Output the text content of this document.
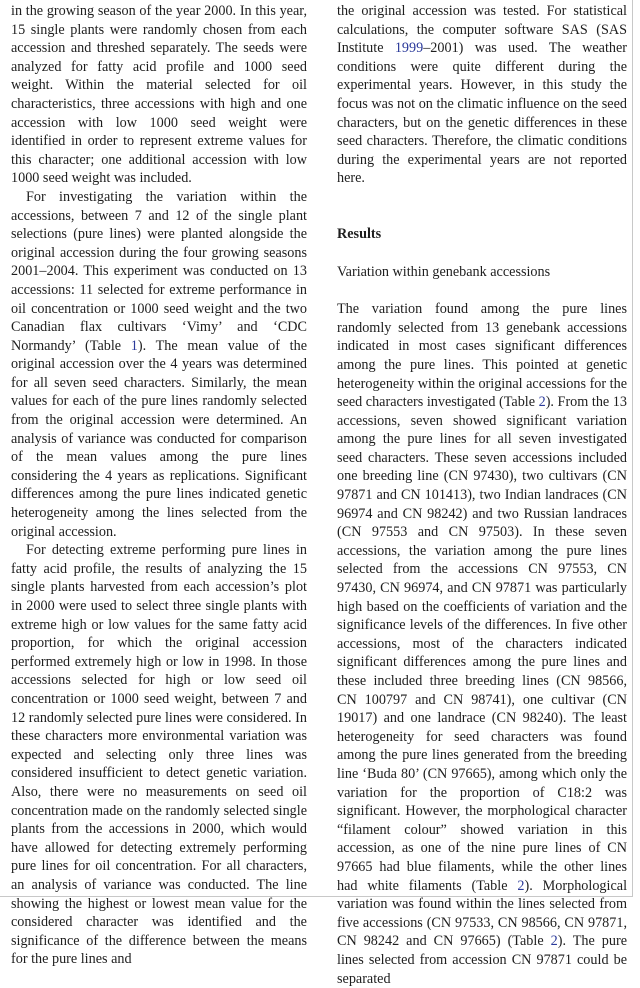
in the growing season of the year 2000. In this year, 15 single plants were randomly chosen from each accession and threshed separately. The seeds were analyzed for fatty acid profile and 1000 seed weight. Within the material selected for oil characteristics, three accessions with high and one accession with low 1000 seed weight were identified in order to represent extreme values for this character; one additional accession with low 1000 seed weight was included.

For investigating the variation within the accessions, between 7 and 12 of the single plant selections (pure lines) were planted alongside the original accession during the four growing seasons 2001–2004. This experiment was conducted on 13 accessions: 11 selected for extreme performance in oil concentration or 1000 seed weight and the two Canadian flax cultivars ‘Vimy’ and ‘CDC Normandy’ (Table 1). The mean value of the original accession over the 4 years was determined for all seven seed characters. Similarly, the mean values for each of the pure lines randomly selected from the original accession were determined. An analysis of variance was conducted for comparison of the mean values among the pure lines considering the 4 years as replications. Significant differences among the pure lines indicated genetic heterogeneity among the lines selected from the original accession.

For detecting extreme performing pure lines in fatty acid profile, the results of analyzing the 15 single plants harvested from each accession’s plot in 2000 were used to select three single plants with extreme high or low values for the same fatty acid proportion, for which the original accession performed extremely high or low in 1998. In those accessions selected for high or low seed oil concentration or 1000 seed weight, between 7 and 12 randomly selected pure lines were considered. In these characters more environmental variation was expected and selecting only three lines was considered insufficient to detect genetic variation. Also, there were no measurements on seed oil concentration made on the randomly selected single plants from the accessions in 2000, which would have allowed for detecting extremely performing pure lines for oil concentration. For all characters, an analysis of variance was conducted. The line showing the highest or lowest mean value for the considered character was identified and the significance of the difference between the means for the pure lines and

the original accession was tested. For statistical calculations, the computer software SAS (SAS Institute 1999–2001) was used. The weather conditions were quite different during the experimental years. However, in this study the focus was not on the climatic influence on the seed characters, but on the genetic differences in these seed characters. Therefore, the climatic conditions during the experimental years are not reported here.

Results
Variation within genebank accessions

The variation found among the pure lines randomly selected from 13 genebank accessions indicated in most cases significant differences among the pure lines. This pointed at genetic heterogeneity within the original accessions for the seed characters investigated (Table 2). From the 13 accessions, seven showed significant variation among the pure lines for all seven investigated seed characters. These seven accessions included one breeding line (CN 97430), two cultivars (CN 97871 and CN 101413), two Indian landraces (CN 96974 and CN 98242) and two Russian landraces (CN 97553 and CN 97503). In these seven accessions, the variation among the pure lines selected from the accessions CN 97553, CN 97430, CN 96974, and CN 97871 was particularly high based on the coefficients of variation and the significance levels of the differences. In five other accessions, most of the characters indicated significant differences among the pure lines and these included three breeding lines (CN 98566, CN 100797 and CN 98741), one cultivar (CN 19017) and one landrace (CN 98240). The least heterogeneity for seed characters was found among the pure lines generated from the breeding line ‘Buda 80’ (CN 97665), among which only the variation for the proportion of C18:2 was significant. However, the morphological character “filament colour” showed variation in this accession, as one of the nine pure lines of CN 97665 had blue filaments, while the other lines had white filaments (Table 2). Morphological variation was found within the lines selected from five accessions (CN 97533, CN 98566, CN 97871, CN 98242 and CN 97665) (Table 2). The pure lines selected from accession CN 97871 could be separated
